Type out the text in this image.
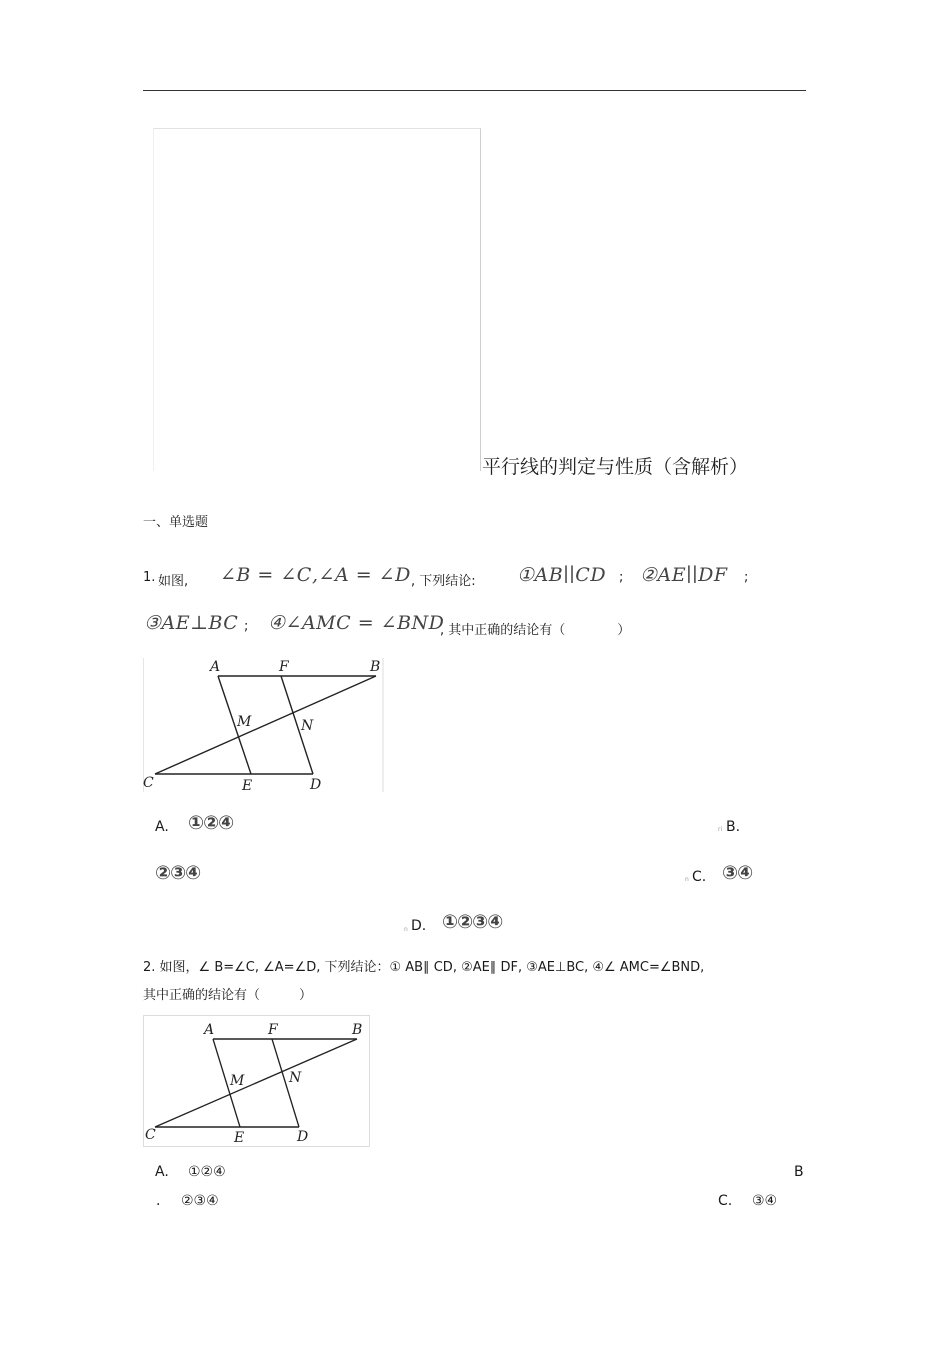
平行线的判定与性质（含解析）
一、单选题
1. 如图, ∠B = ∠C ,∠A = ∠D , 下列结论: ①AB∣∣CD ; ②AE∣∣DF ;
③AE⊥BC ; ④∠AMC = ∠BND
, 其中正确的结论有（　　　　）
A	F	B
M	N
C	E	D
A. ①②④	ri B.
②③④	n C. ③④
n D. ①②③④
2. 如图，∠ B=∠C, ∠A=∠D, 下列结论：① AB∥ CD, ②AE∥ DF, ③AE⊥BC, ④∠ AMC=∠BND,
其中正确的结论有（　　　）
A	F	B
M	N
C	E	D
A. ①②④	B
. ②③④	C. ③④
